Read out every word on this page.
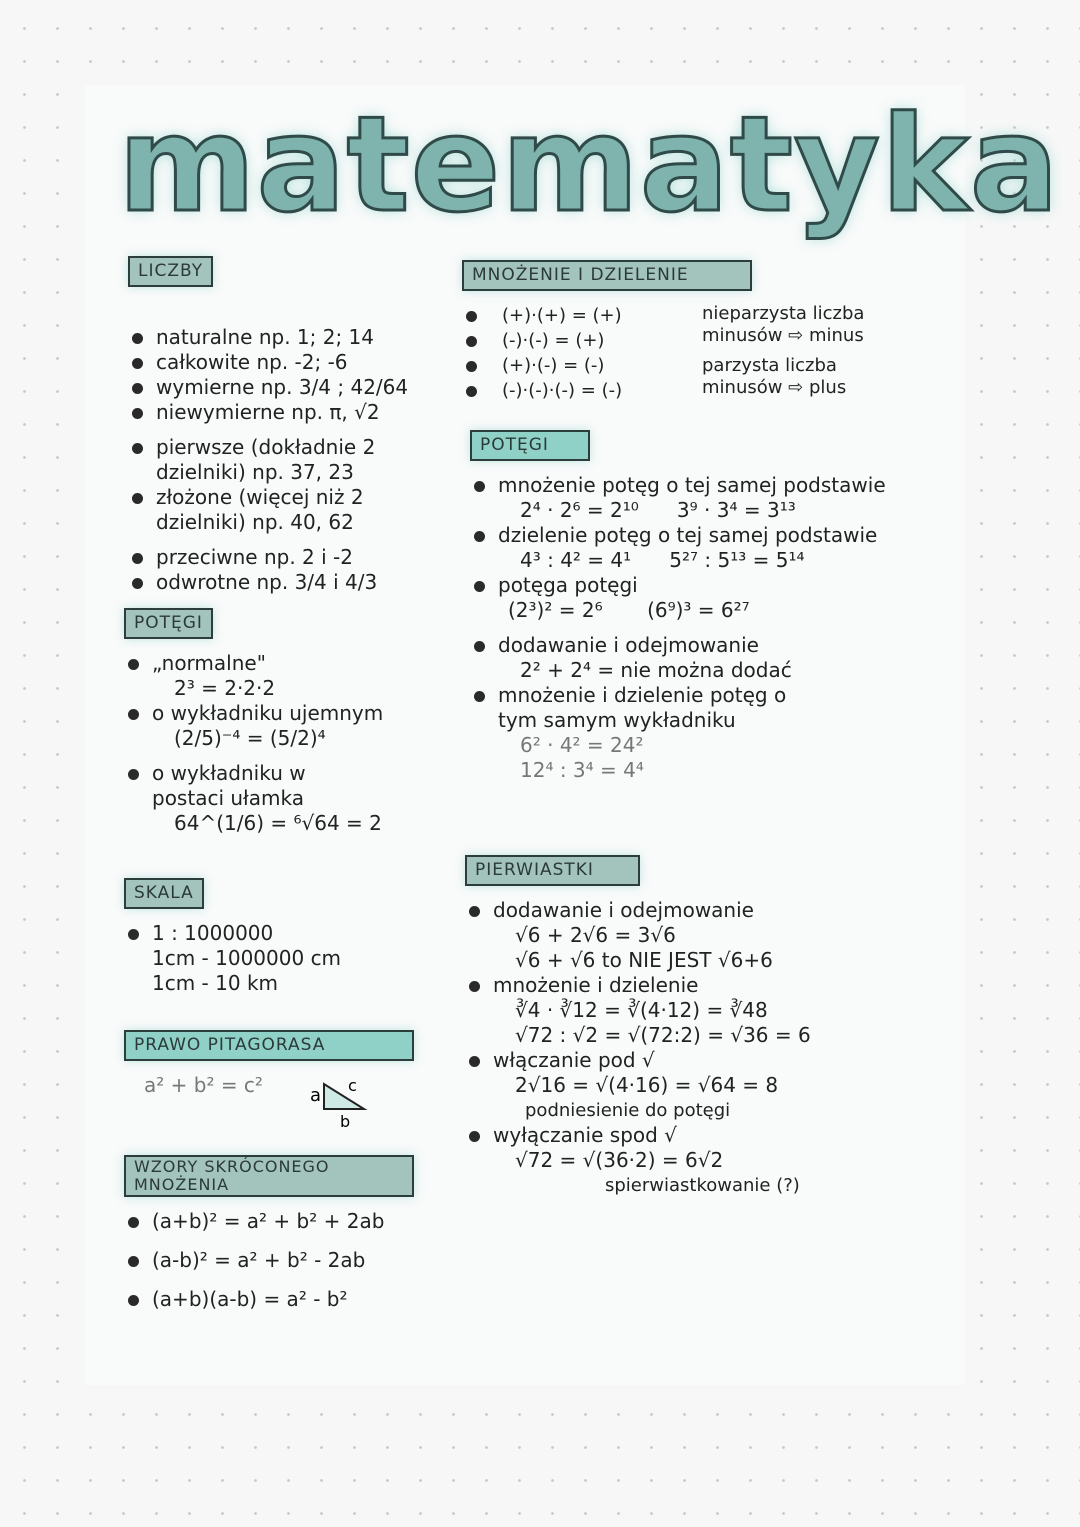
matematyka
LICZBY
naturalne np. 1; 2; 14
całkowite np. -2; -6
wymierne np. 3/4 ; 42/64
niewymierne np. π, √2
pierwsze (dokładnie 2 dzielniki) np. 37, 23
złożone (więcej niż 2 dzielniki) np. 40, 62
przeciwne np. 2 i -2
odwrotne np. 3/4 i 4/3
POTĘGI
„normalne"
2³ = 2·2·2
o wykładniku ujemnym
(2/5)⁻⁴ = (5/2)⁴
o wykładniku w postaci ułamka
64^(1/6) = ⁶√64 = 2
SKALA
1 : 1000000
1cm - 1000000 cm
1cm - 10 km
PRAWO PITAGORASA
a² + b² = c²	a
b
c
WZORY SKRÓCONEGO MNOŻENIA
(a+b)² = a² + b² + 2ab
(a-b)² = a² + b² - 2ab
(a+b)(a-b) = a² - b²
MNOŻENIE I DZIELENIE
(+)·(+) = (+)
(-)·(-) = (+)
(+)·(-) = (-)
(-)·(-)·(-) = (-)
nieparzysta liczba minusów ⇨ minus
parzysta liczba minusów ⇨ plus
POTĘGI
mnożenie potęg o tej samej podstawie
2⁴ · 2⁶ = 2¹⁰      3⁹ · 3⁴ = 3¹³
dzielenie potęg o tej samej podstawie
4³ : 4² = 4¹      5²⁷ : 5¹³ = 5¹⁴
potęga potęgi
(2³)² = 2⁶       (6⁹)³ = 6²⁷
dodawanie i odejmowanie
2² + 2⁴ = nie można dodać
mnożenie i dzielenie potęg o tym samym wykładniku
6² · 4² = 24²
12⁴ : 3⁴ = 4⁴
PIERWIASTKI
dodawanie i odejmowanie
√6 + 2√6 = 3√6
√6 + √6 to NIE JEST √6+6
mnożenie i dzielenie
∛4 · ∛12 = ∛(4·12) = ∛48
√72 : √2 = √(72:2) = √36 = 6
włączanie pod √
2√16 = √(4·16) = √64 = 8
podniesienie do potęgi
wyłączanie spod √
√72 = √(36·2) = 6√2
spierwiastkowanie (?)
